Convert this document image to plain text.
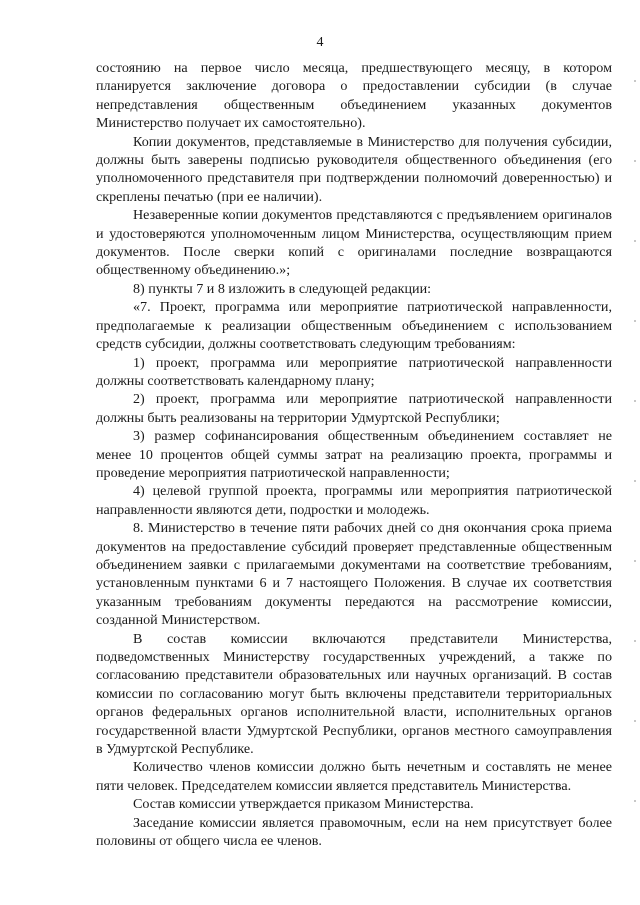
4

состоянию на первое число месяца, предшествующего месяцу, в котором планируется заключение договора о предоставлении субсидии (в случае непредставления общественным объединением указанных документов Министерство получает их самостоятельно).

Копии документов, представляемые в Министерство для получения субсидии, должны быть заверены подписью руководителя общественного объединения (его уполномоченного представителя при подтверждении полномочий доверенностью) и скреплены печатью (при ее наличии).

Незаверенные копии документов представляются с предъявлением оригиналов и удостоверяются уполномоченным лицом Министерства, осуществляющим прием документов. После сверки копий с оригиналами последние возвращаются общественному объединению.»;

8) пункты 7 и 8 изложить в следующей редакции:

«7. Проект, программа или мероприятие патриотической направленности, предполагаемые к реализации общественным объединением с использованием средств субсидии, должны соответствовать следующим требованиям:

1) проект, программа или мероприятие патриотической направленности должны соответствовать календарному плану;

2) проект, программа или мероприятие патриотической направленности должны быть реализованы на территории Удмуртской Республики;

3) размер софинансирования общественным объединением составляет не менее 10 процентов общей суммы затрат на реализацию проекта, программы и проведение мероприятия патриотической направленности;

4) целевой группой проекта, программы или мероприятия патриотической направленности являются дети, подростки и молодежь.

8. Министерство в течение пяти рабочих дней со дня окончания срока приема документов на предоставление субсидий проверяет представленные общественным объединением заявки с прилагаемыми документами на соответствие требованиям, установленным пунктами 6 и 7 настоящего Положения. В случае их соответствия указанным требованиям документы передаются на рассмотрение комиссии, созданной Министерством.

В состав комиссии включаются представители Министерства, подведомственных Министерству государственных учреждений, а также по согласованию представители образовательных или научных организаций. В состав комиссии по согласованию могут быть включены представители территориальных органов федеральных органов исполнительной власти, исполнительных органов государственной власти Удмуртской Республики, органов местного самоуправления в Удмуртской Республике.

Количество членов комиссии должно быть нечетным и составлять не менее пяти человек. Председателем комиссии является представитель Министерства.

Состав комиссии утверждается приказом Министерства.

Заседание комиссии является правомочным, если на нем присутствует более половины от общего числа ее членов.
